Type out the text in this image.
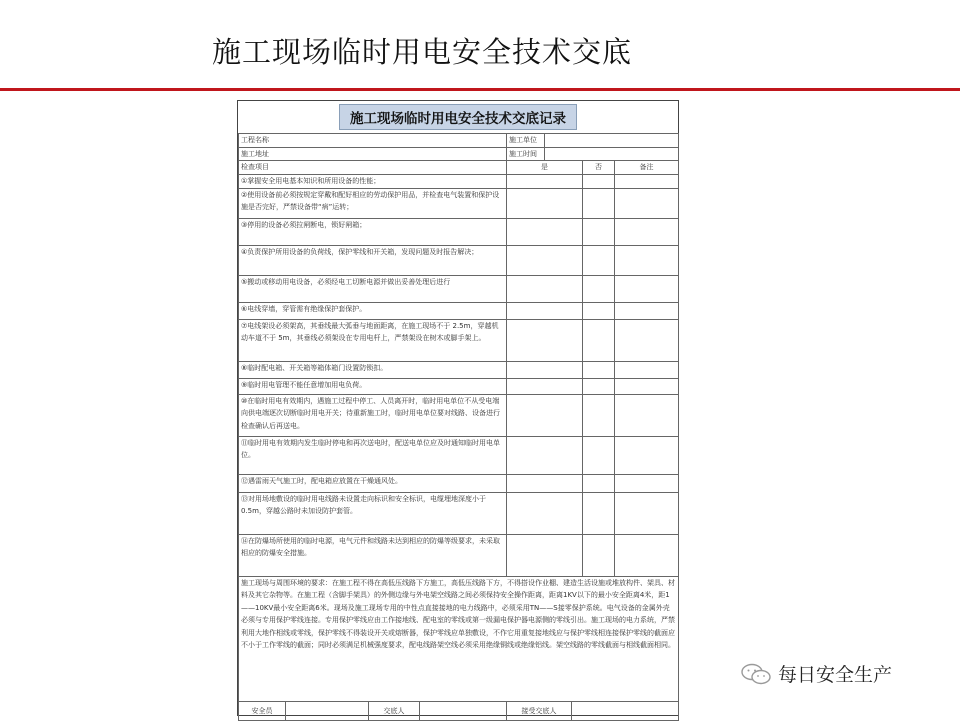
施工现场临时用电安全技术交底
施工现场临时用电安全技术交底记录
工程名称	施工单位			
施工地址	施工时间			
检查项目	是		否	备注
①掌握安全用电基本知识和所用设备的性能；				
②使用设备前必须按规定穿戴和配好相应的劳动保护用品，并检查电气装置和保护设施是否完好，严禁设备带“病”运转；				
③停用的设备必须拉闸断电，锁好闸箱；				
④负责保护所用设备的负荷线，保护零线和开关箱，发现问题及时报告解决；				
⑤搬动或移动用电设备，必须经电工切断电源并做出妥善处理后进行				
⑥电线穿墙，穿管需有绝缘保护套保护。				
⑦电线架设必须架高，其垂线最大弧垂与地面距离，在施工现场不于 2.5m，穿越机动车道不于 5m，其垂线必须架设在专用电杆上，严禁架设在树木或脚手架上。				
⑧临时配电箱、开关箱等箱体箱门设置防锁扣。				
⑨临时用电管理不能任意增加用电负荷。				
⑩在临时用电有效期内，遇施工过程中停工、人员离开时，临时用电单位不从受电端向供电端逐次切断临时用电开关；待重新施工时，临时用电单位要对线路、设备进行检查确认后再送电。				
⑪临时用电有效期内发生临时停电和再次送电时，配送电单位应及时通知临时用电单位。				
⑫遇雷雨天气施工时，配电箱应放置在干燥通风处。				
⑬对用场地敷设的临时用电线路未设置走向标识和安全标识，电缆埋地深度小于 0.5m，穿越公路时未加设防护套管。				
⑭在防爆场所使用的临时电源，电气元件和线路未达到相应的防爆等级要求，未采取相应的防爆安全措施。				
施工现场与周围环境的要求：在施工程不得在高低压线路下方施工，高低压线路下方，不得搭设作业棚、建造生活设施或堆放构件、架具、材料及其它杂物等。在施工程（含脚手架具）的外侧边缘与外电架空线路之间必须保持安全操作距离，距离1KV以下的最小安全距离4米，距1——10KV最小安全距离6米。现场及施工现场专用的中性点直接接地的电力线路中，必须采用TN——S接零保护系统。电气设备的金属外壳必须与专用保护零线连接。专用保护零线应由工作接地线、配电室的零线或第一级漏电保护器电源侧的零线引出。施工现场的电力系统，严禁利用大地作相线或零线，保护零线不得装设开关或熔断器，保护零线应单独敷设，不作它用重复接地线应与保护零线相连接保护零线的截面应不小于工作零线的截面；同时必须满足机械强度要求，配电线路架空线必须采用绝缘铜线或绝缘铝线。架空线路的零线截面与相线截面相同。				

安全员 交底人 接受交底人				
每日安全生产
